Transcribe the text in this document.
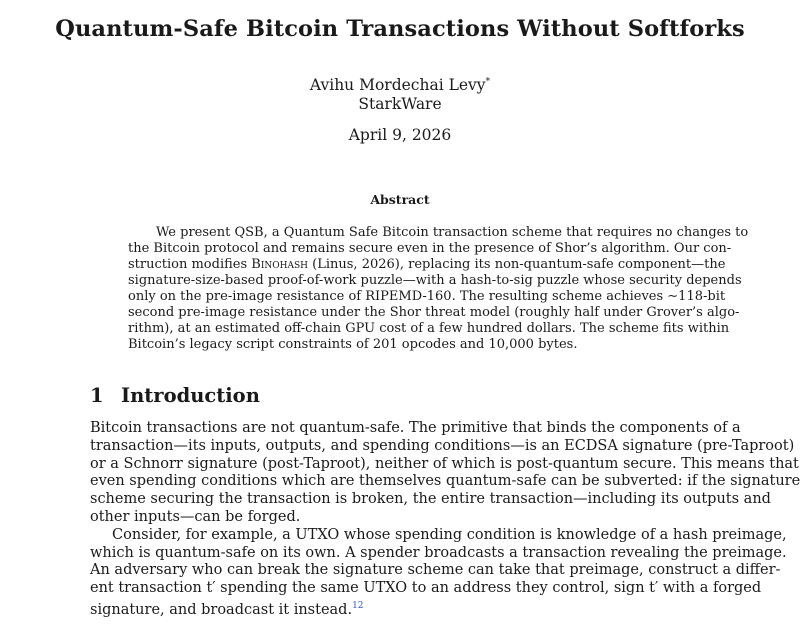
Quantum-Safe Bitcoin Transactions Without Softforks
Avihu Mordechai Levy*
StarkWare
April 9, 2026
Abstract
We present QSB, a Quantum Safe Bitcoin transaction scheme that requires no changes to
the Bitcoin protocol and remains secure even in the presence of Shor’s algorithm. Our con-
struction modifies Binohash (Linus, 2026), replacing its non-quantum-safe component—the
signature-size-based proof-of-work puzzle—with a hash-to-sig puzzle whose security depends
only on the pre-image resistance of RIPEMD-160. The resulting scheme achieves ∼118-bit
second pre-image resistance under the Shor threat model (roughly half under Grover’s algo-
rithm), at an estimated off-chain GPU cost of a few hundred dollars. The scheme fits within
Bitcoin’s legacy script constraints of 201 opcodes and 10,000 bytes.
1 Introduction
Bitcoin transactions are not quantum-safe. The primitive that binds the components of a
transaction—its inputs, outputs, and spending conditions—is an ECDSA signature (pre-Taproot)
or a Schnorr signature (post-Taproot), neither of which is post-quantum secure. This means that
even spending conditions which are themselves quantum-safe can be subverted: if the signature
scheme securing the transaction is broken, the entire transaction—including its outputs and
other inputs—can be forged.
Consider, for example, a UTXO whose spending condition is knowledge of a hash preimage,
which is quantum-safe on its own. A spender broadcasts a transaction revealing the preimage.
An adversary who can break the signature scheme can take that preimage, construct a differ-
ent transaction t′ spending the same UTXO to an address they control, sign t′ with a forged
signature, and broadcast it instead.$^{12}$
